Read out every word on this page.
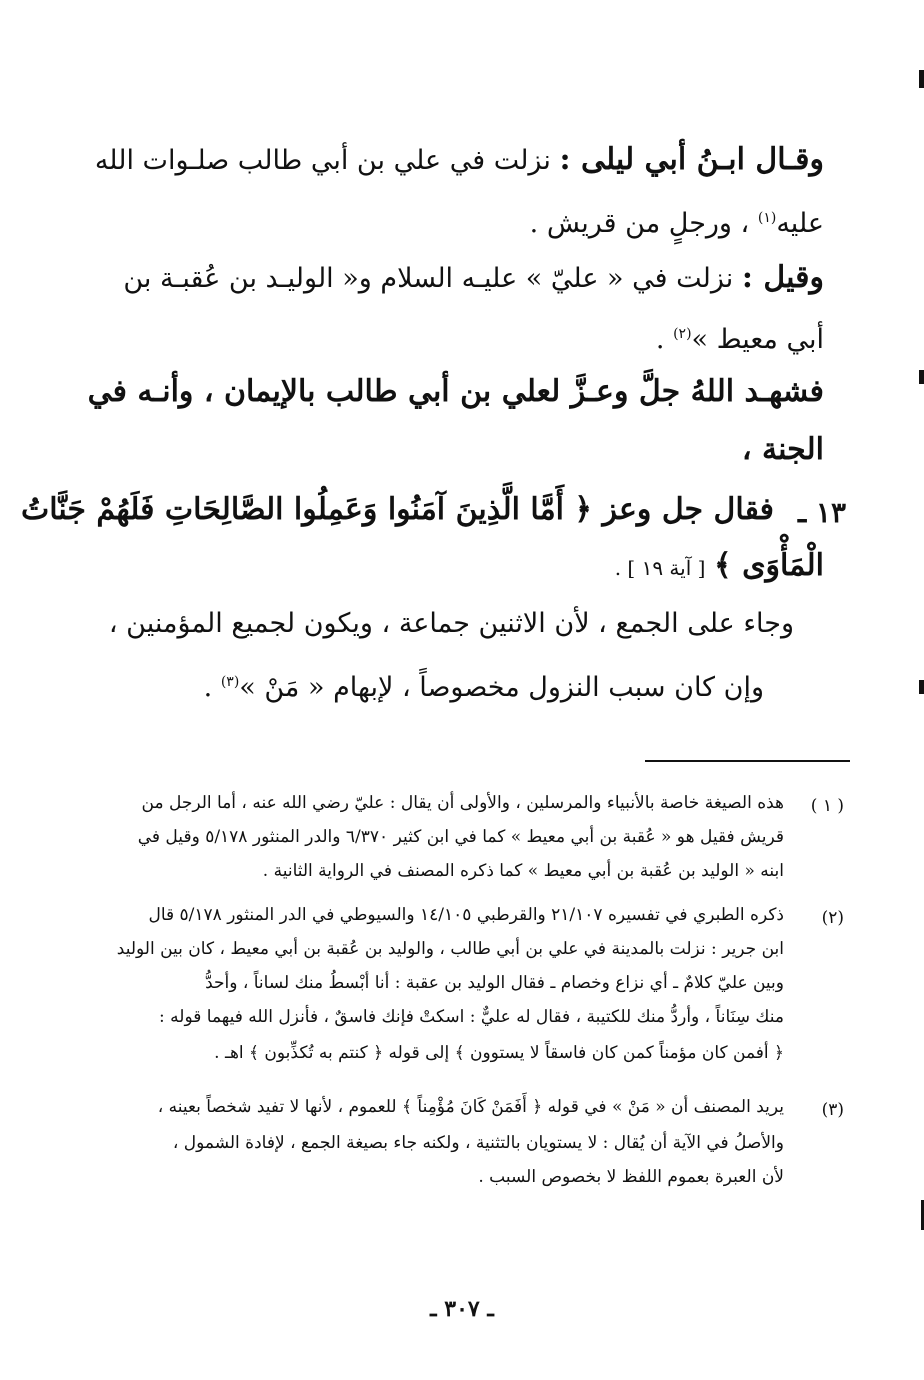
وقـال ابـنُ أبي ليلى : نزلت في علي بن أبي طالب صلـوات الله
عليه$^{(١)}$ ، ورجلٍ من قريش .
وقيل : نزلت في « عليّ » عليـه السلام و« الوليـد بن عُقبـة بن
أبي معيط »$^{(٢)}$ .
فشهـد اللهُ جلَّ وعـزَّ لعلي بن أبي طالب بالإيمان ، وأنـه في
الجنة ،
١٣ ـ
فقال جل وعز ﴿ أَمَّا الَّذِينَ آمَنُوا وَعَمِلُوا الصَّالِحَاتِ فَلَهُمْ جَنَّاتُ
الْمَأْوَى ﴾ [ آية ١٩ ] .
وجاء على الجمع ، لأن الاثنين جماعة ، ويكون لجميع المؤمنين ،
وإن كان سبب النزول مخصوصاً ، لإبهام « مَنْ »$^{(٣)}$ .
( ١ )
هذه الصيغة خاصة بالأنبياء والمرسلين ، والأولى أن يقال : عليّ رضي الله عنه ، أما الرجل من
قريش فقيل هو « عُقبة بن أبي معيط » كما في ابن كثير ٦/٣٧٠ والدر المنثور ٥/١٧٨ وقيل في
ابنه « الوليد بن عُقبة بن أبي معيط » كما ذكره المصنف في الرواية الثانية .
(٢)
ذكره الطبري في تفسيره ٢١/١٠٧ والقرطبي ١٤/١٠٥ والسيوطي في الدر المنثور ٥/١٧٨ قال
ابن جرير : نزلت بالمدينة في علي بن أبي طالب ، والوليد بن عُقبة بن أبي معيط ، كان بين الوليد
وبين عليّ كلامٌ ـ أي نزاع وخصام ـ فقال الوليد بن عقبة : أنا أبْسطُ منك لساناً ، وأحدُّ
منك سِنَاناً ، وأردُّ منك للكتيبة ، فقال له عليٌّ : اسكتْ فإنك فاسقٌ ، فأنزل الله فيهما قوله :
﴿ أفمن كان مؤمناً كمن كان فاسقاً لا يستوون ﴾ إلى قوله ﴿ كنتم به تُكذِّبون ﴾ اهـ .
(٣)
يريد المصنف أن « مَنْ » في قوله ﴿ أَفَمَنْ كَانَ مُؤْمِناً ﴾ للعموم ، لأنها لا تفيد شخصاً بعينه ،
والأصلُ في الآية أن يُقال : لا يستويان بالتثنية ، ولكنه جاء بصيغة الجمع ، لإفادة الشمول ،
لأن العبرة بعموم اللفظ لا بخصوص السبب .
ـ ٣٠٧ ـ
